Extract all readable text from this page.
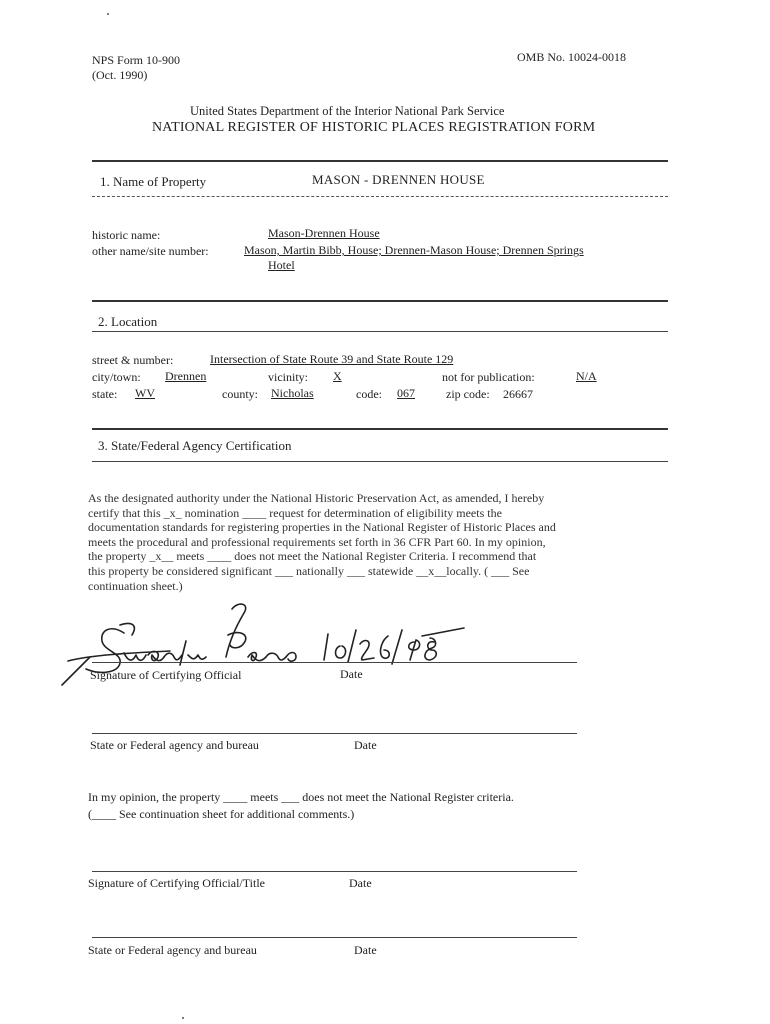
NPS Form 10-900
(Oct. 1990)
OMB No. 10024-0018
United States Department of the Interior National Park Service
NATIONAL REGISTER OF HISTORIC PLACES REGISTRATION FORM
1. Name of Property	MASON - DRENNEN HOUSE
historic name:	Mason-Drennen House
other name/site number:	Mason, Martin Bibb, House; Drennen-Mason House; Drennen Springs
Hotel
2. Location
street & number:	Intersection of State Route 39 and State Route 129
city/town: Drennen	vicinity: X	not for publication:	N/A
state: WV	county: Nicholas	code: 067	zip code: 26667
3. State/Federal Agency Certification
As the designated authority under the National Historic Preservation Act, as amended, I hereby
certify that this _x_ nomination ____ request for determination of eligibility meets the
documentation standards for registering properties in the National Register of Historic Places and
meets the procedural and professional requirements set forth in 36 CFR Part 60. In my opinion,
the property _x__ meets ____ does not meet the National Register Criteria. I recommend that
this property be considered significant ___ nationally ___ statewide __x__locally. ( ___ See
continuation sheet.)
Signature of Certifying Official	Date
State or Federal agency and bureau	Date
In my opinion, the property ____ meets ___ does not meet the National Register criteria.
(____ See continuation sheet for additional comments.)
Signature of Certifying Official/Title	Date
State or Federal agency and bureau	Date
